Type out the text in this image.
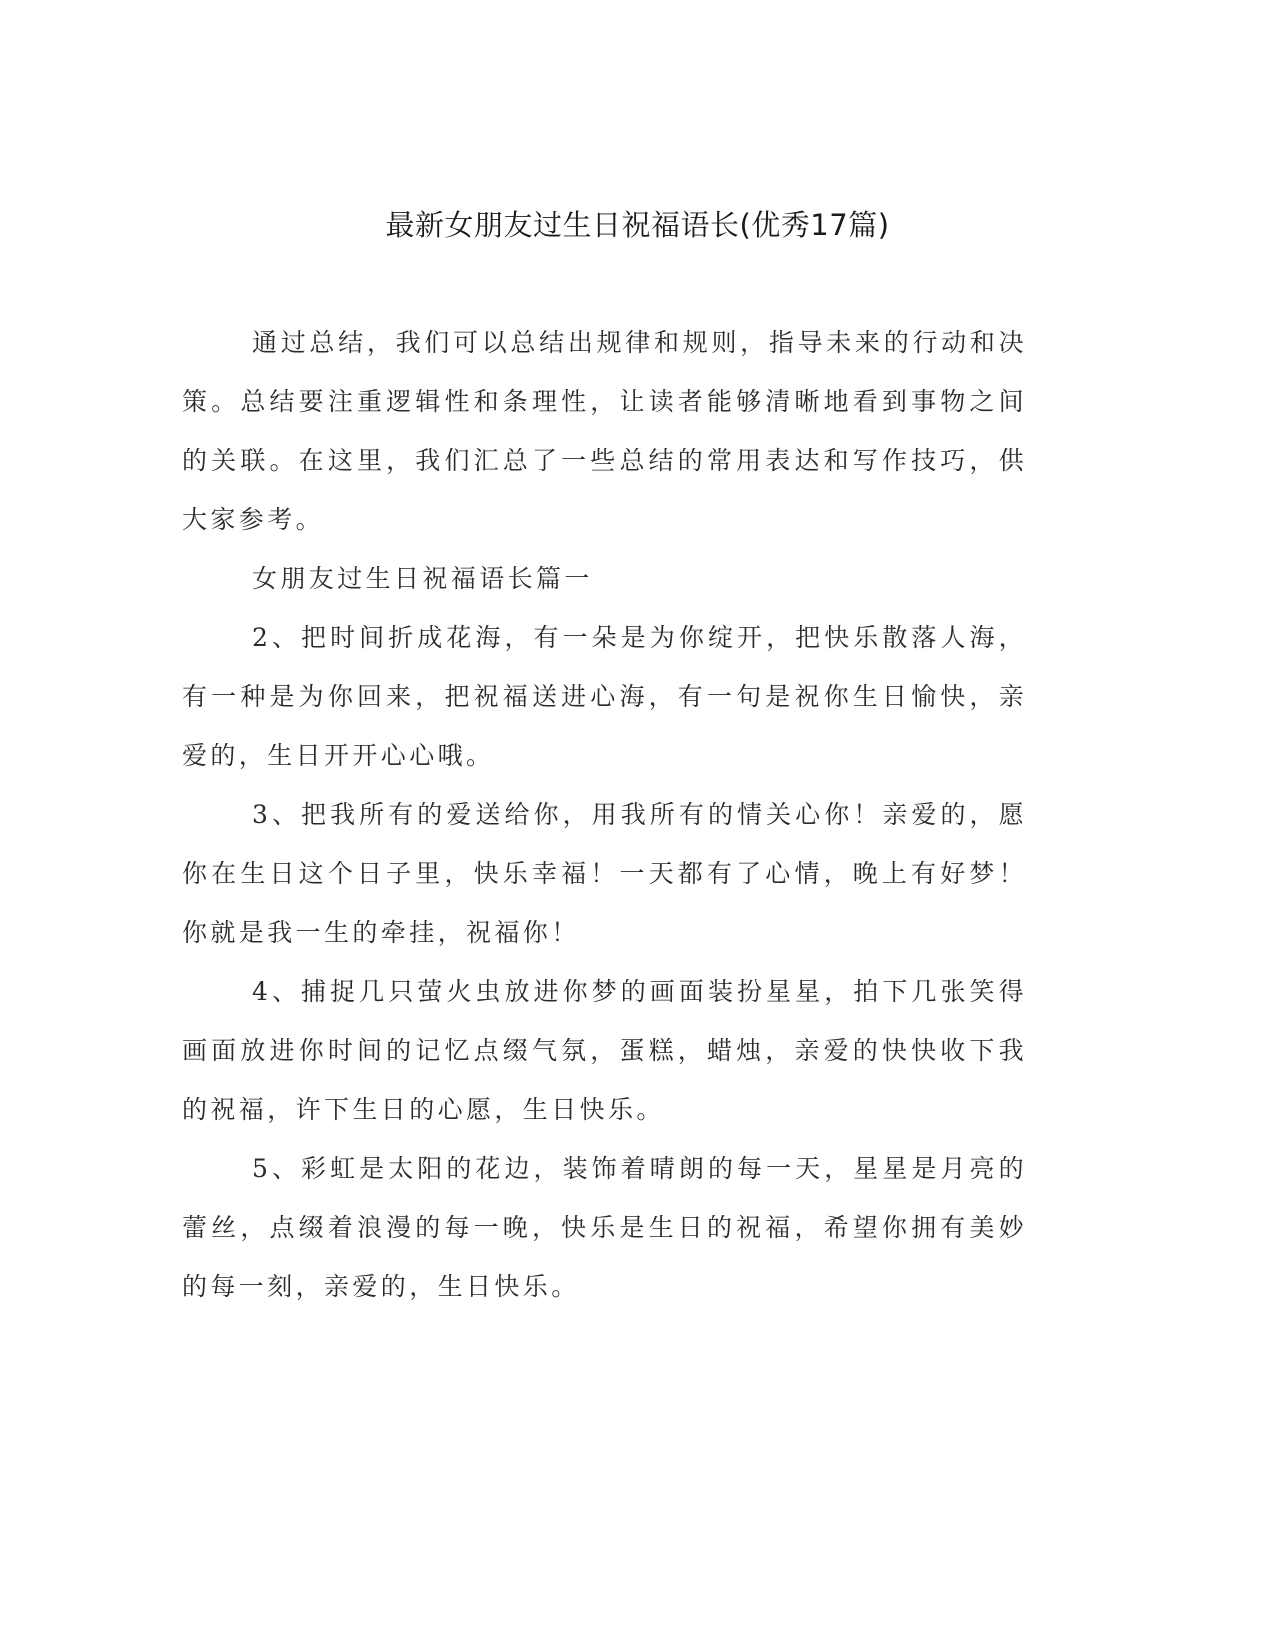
最新女朋友过生日祝福语长(优秀17篇)

通过总结，我们可以总结出规律和规则，指导未来的行动和决策。总结要注重逻辑性和条理性，让读者能够清晰地看到事物之间的关联。在这里，我们汇总了一些总结的常用表达和写作技巧，供大家参考。

女朋友过生日祝福语长篇一

2、把时间折成花海，有一朵是为你绽开，把快乐散落人海，有一种是为你回来，把祝福送进心海，有一句是祝你生日愉快，亲爱的，生日开开心心哦。

3、把我所有的爱送给你，用我所有的情关心你！亲爱的，愿你在生日这个日子里，快乐幸福！一天都有了心情，晚上有好梦！你就是我一生的牵挂，祝福你！

4、捕捉几只萤火虫放进你梦的画面装扮星星，拍下几张笑得画面放进你时间的记忆点缀气氛，蛋糕，蜡烛，亲爱的快快收下我的祝福，许下生日的心愿，生日快乐。

5、彩虹是太阳的花边，装饰着晴朗的每一天，星星是月亮的蕾丝，点缀着浪漫的每一晚，快乐是生日的祝福，希望你拥有美妙的每一刻，亲爱的，生日快乐。
